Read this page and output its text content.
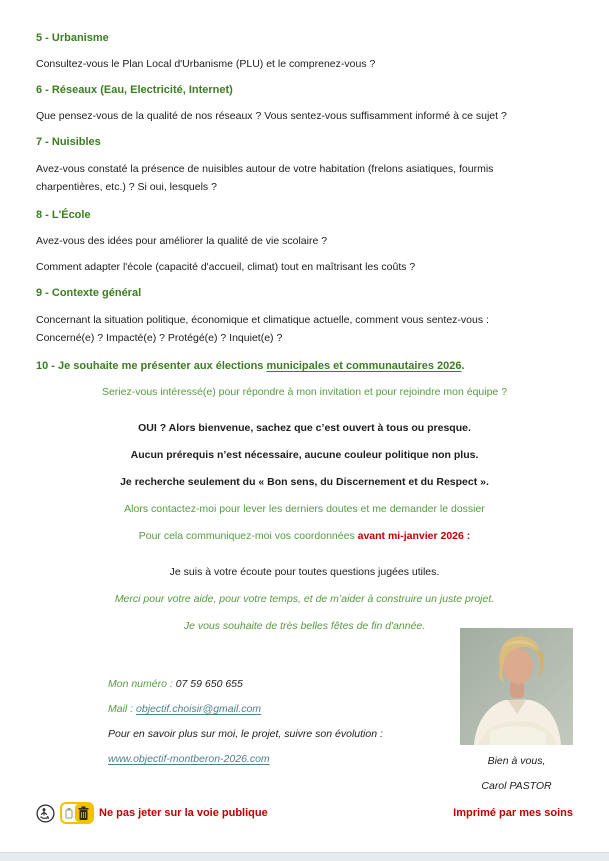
5 - Urbanisme

Consultez-vous le Plan Local d'Urbanisme (PLU) et le comprenez-vous ?

6 - Réseaux (Eau, Electricité, Internet)

Que pensez-vous de la qualité de nos réseaux ? Vous sentez-vous suffisamment informé à ce sujet ?

7 - Nuisibles

Avez-vous constaté la présence de nuisibles autour de votre habitation (frelons asiatiques, fourmis
charpentières, etc.) ? Si oui, lesquels ?

8 - L'École

Avez-vous des idées pour améliorer la qualité de vie scolaire ?

Comment adapter l'école (capacité d'accueil, climat) tout en maîtrisant les coûts ?

9 - Contexte général

Concernant la situation politique, économique et climatique actuelle, comment vous sentez-vous :
Concerné(e) ? Impacté(e) ? Protégé(e) ? Inquiet(e) ?

10 - Je souhaite me présenter aux élections municipales et communautaires 2026.

Seriez-vous intéressé(e) pour répondre à mon invitation et pour rejoindre mon équipe ?

OUI ? Alors bienvenue, sachez que c’est ouvert à tous ou presque.

Aucun prérequis n’est nécessaire, aucune couleur politique non plus.

Je recherche seulement du « Bon sens, du Discernement et du Respect ».

Alors contactez-moi pour lever les derniers doutes et me demander le dossier

Pour cela communiquez-moi vos coordonnées avant mi-janvier 2026 :

Je suis à votre écoute pour toutes questions jugées utiles.

Merci pour votre aide, pour votre temps, et de m’aider à construire un juste projet.

Je vous souhaite de très belles fêtes de fin d'année.

Mon numéro : 07 59 650 655

Mail : objectif.choisir@gmail.com

Pour en savoir plus sur moi, le projet, suivre son évolution :

www.objectif-montberon-2026.com	Bien à vous,

Carol PASTOR

Ne pas jeter sur la voie publique	Imprimé par mes soins
